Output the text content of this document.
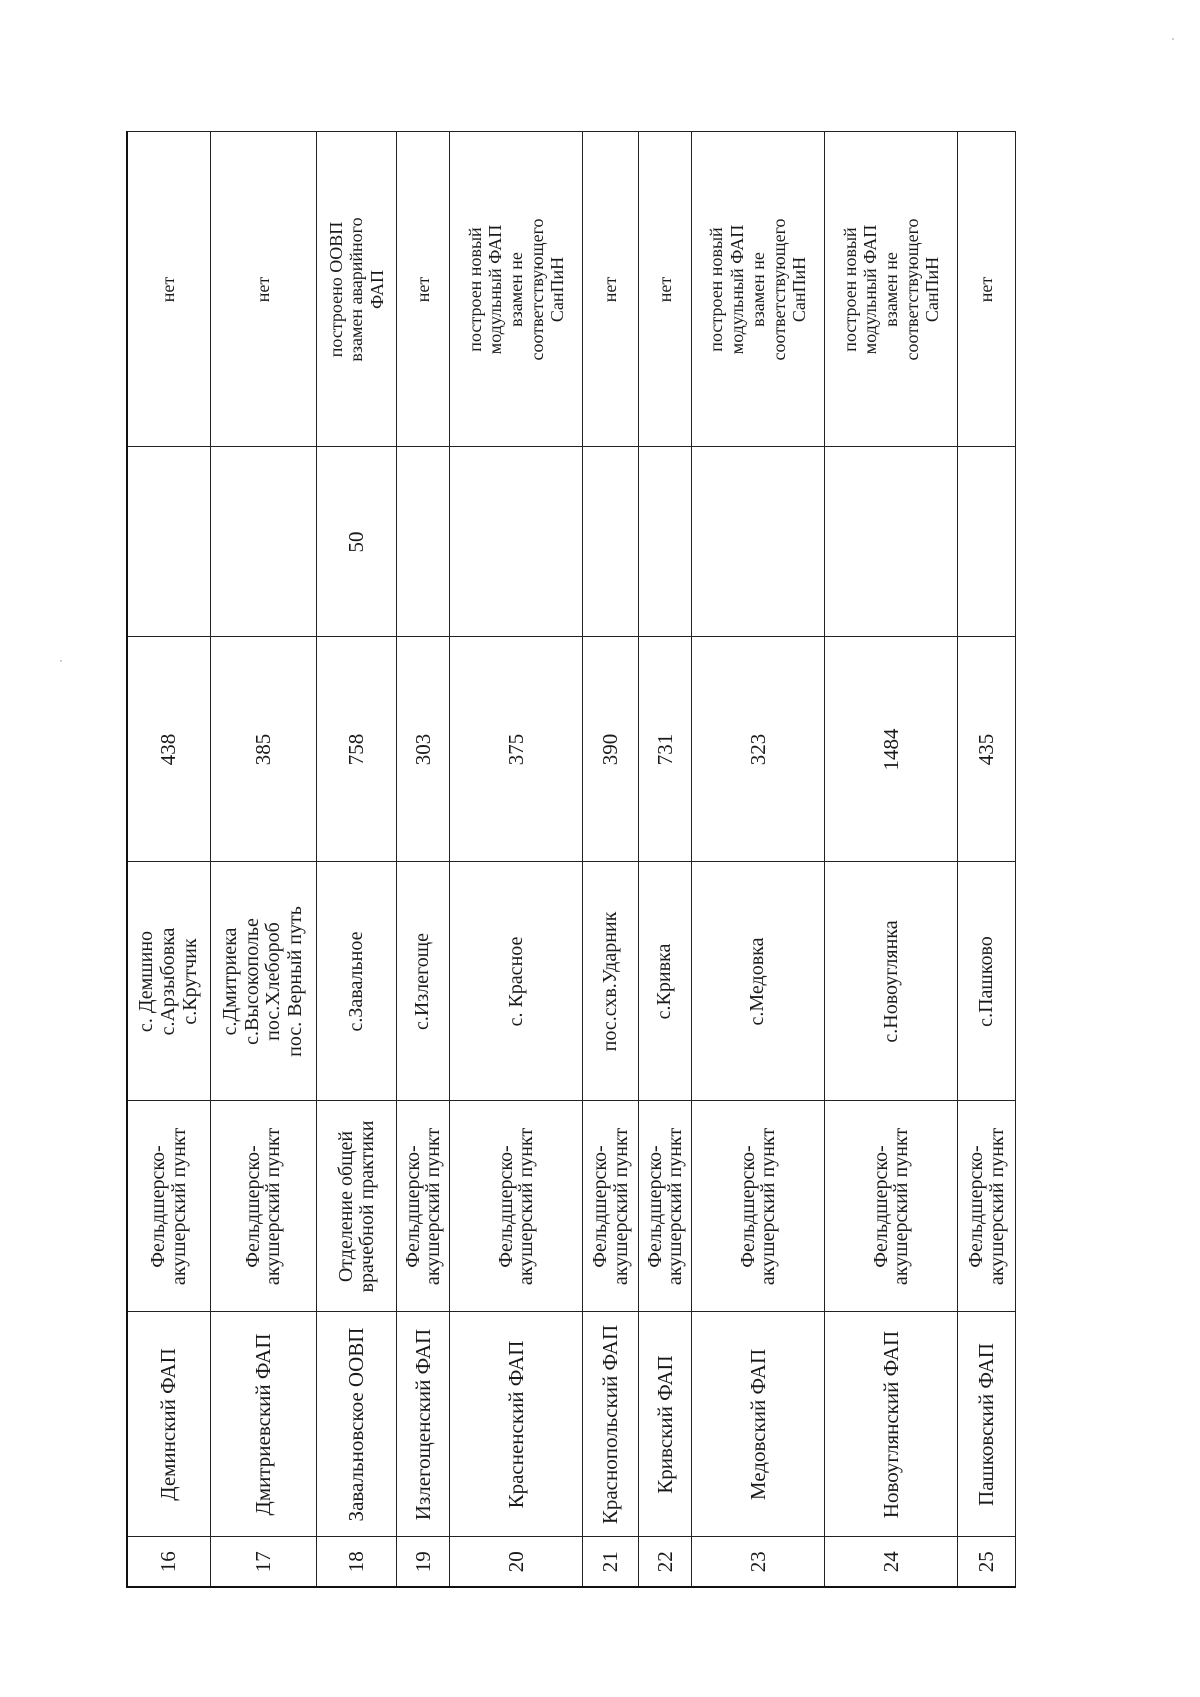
16	Деминский ФАП	Фельдшерско-
акушерский пункт	с. Демшино с.Арзыбовка с.Крутчик	438		нет

17	Дмитриевский ФАП	Фельдшерско-
акушерский пункт	с.Дмитриека с.Высокополье пос.Хлебороб пос. Верный путь	385		нет

18	Завальновское ООВП	Отделение общей
врачебной практики	с.Завальное	758	50	построено ООВП взамен аварийного ФАП

19	Излегощенский ФАП	Фельдшерско-
акушерский пункт	с.Излегоще	303		нет

20	Красненский ФАП	Фельдшерско-
акушерский пункт	с. Красное	375		построен новый модульный ФАП взамен не соответствующего СанПиН

21	Краснопольский ФАП	Фельдшерско-
акушерский пункт	пос.схв.Ударник	390		нет

22	Кривский ФАП	Фельдшерско-
акушерский пункт	с.Кривка	731		нет

23	Медовский ФАП	Фельдшерско-
акушерский пункт	с.Медовка	323		построен новый модульный ФАП взамен не соответствующего СанПиН

24	Новоуглянский ФАП	Фельдшерско-
акушерский пункт	с.Новоуглянка	1484		построен новый модульный ФАП взамен не соответствующего СанПиН

25	Пашковский ФАП	Фельдшерско-
акушерский пункт	с.Пашково	435		нет
